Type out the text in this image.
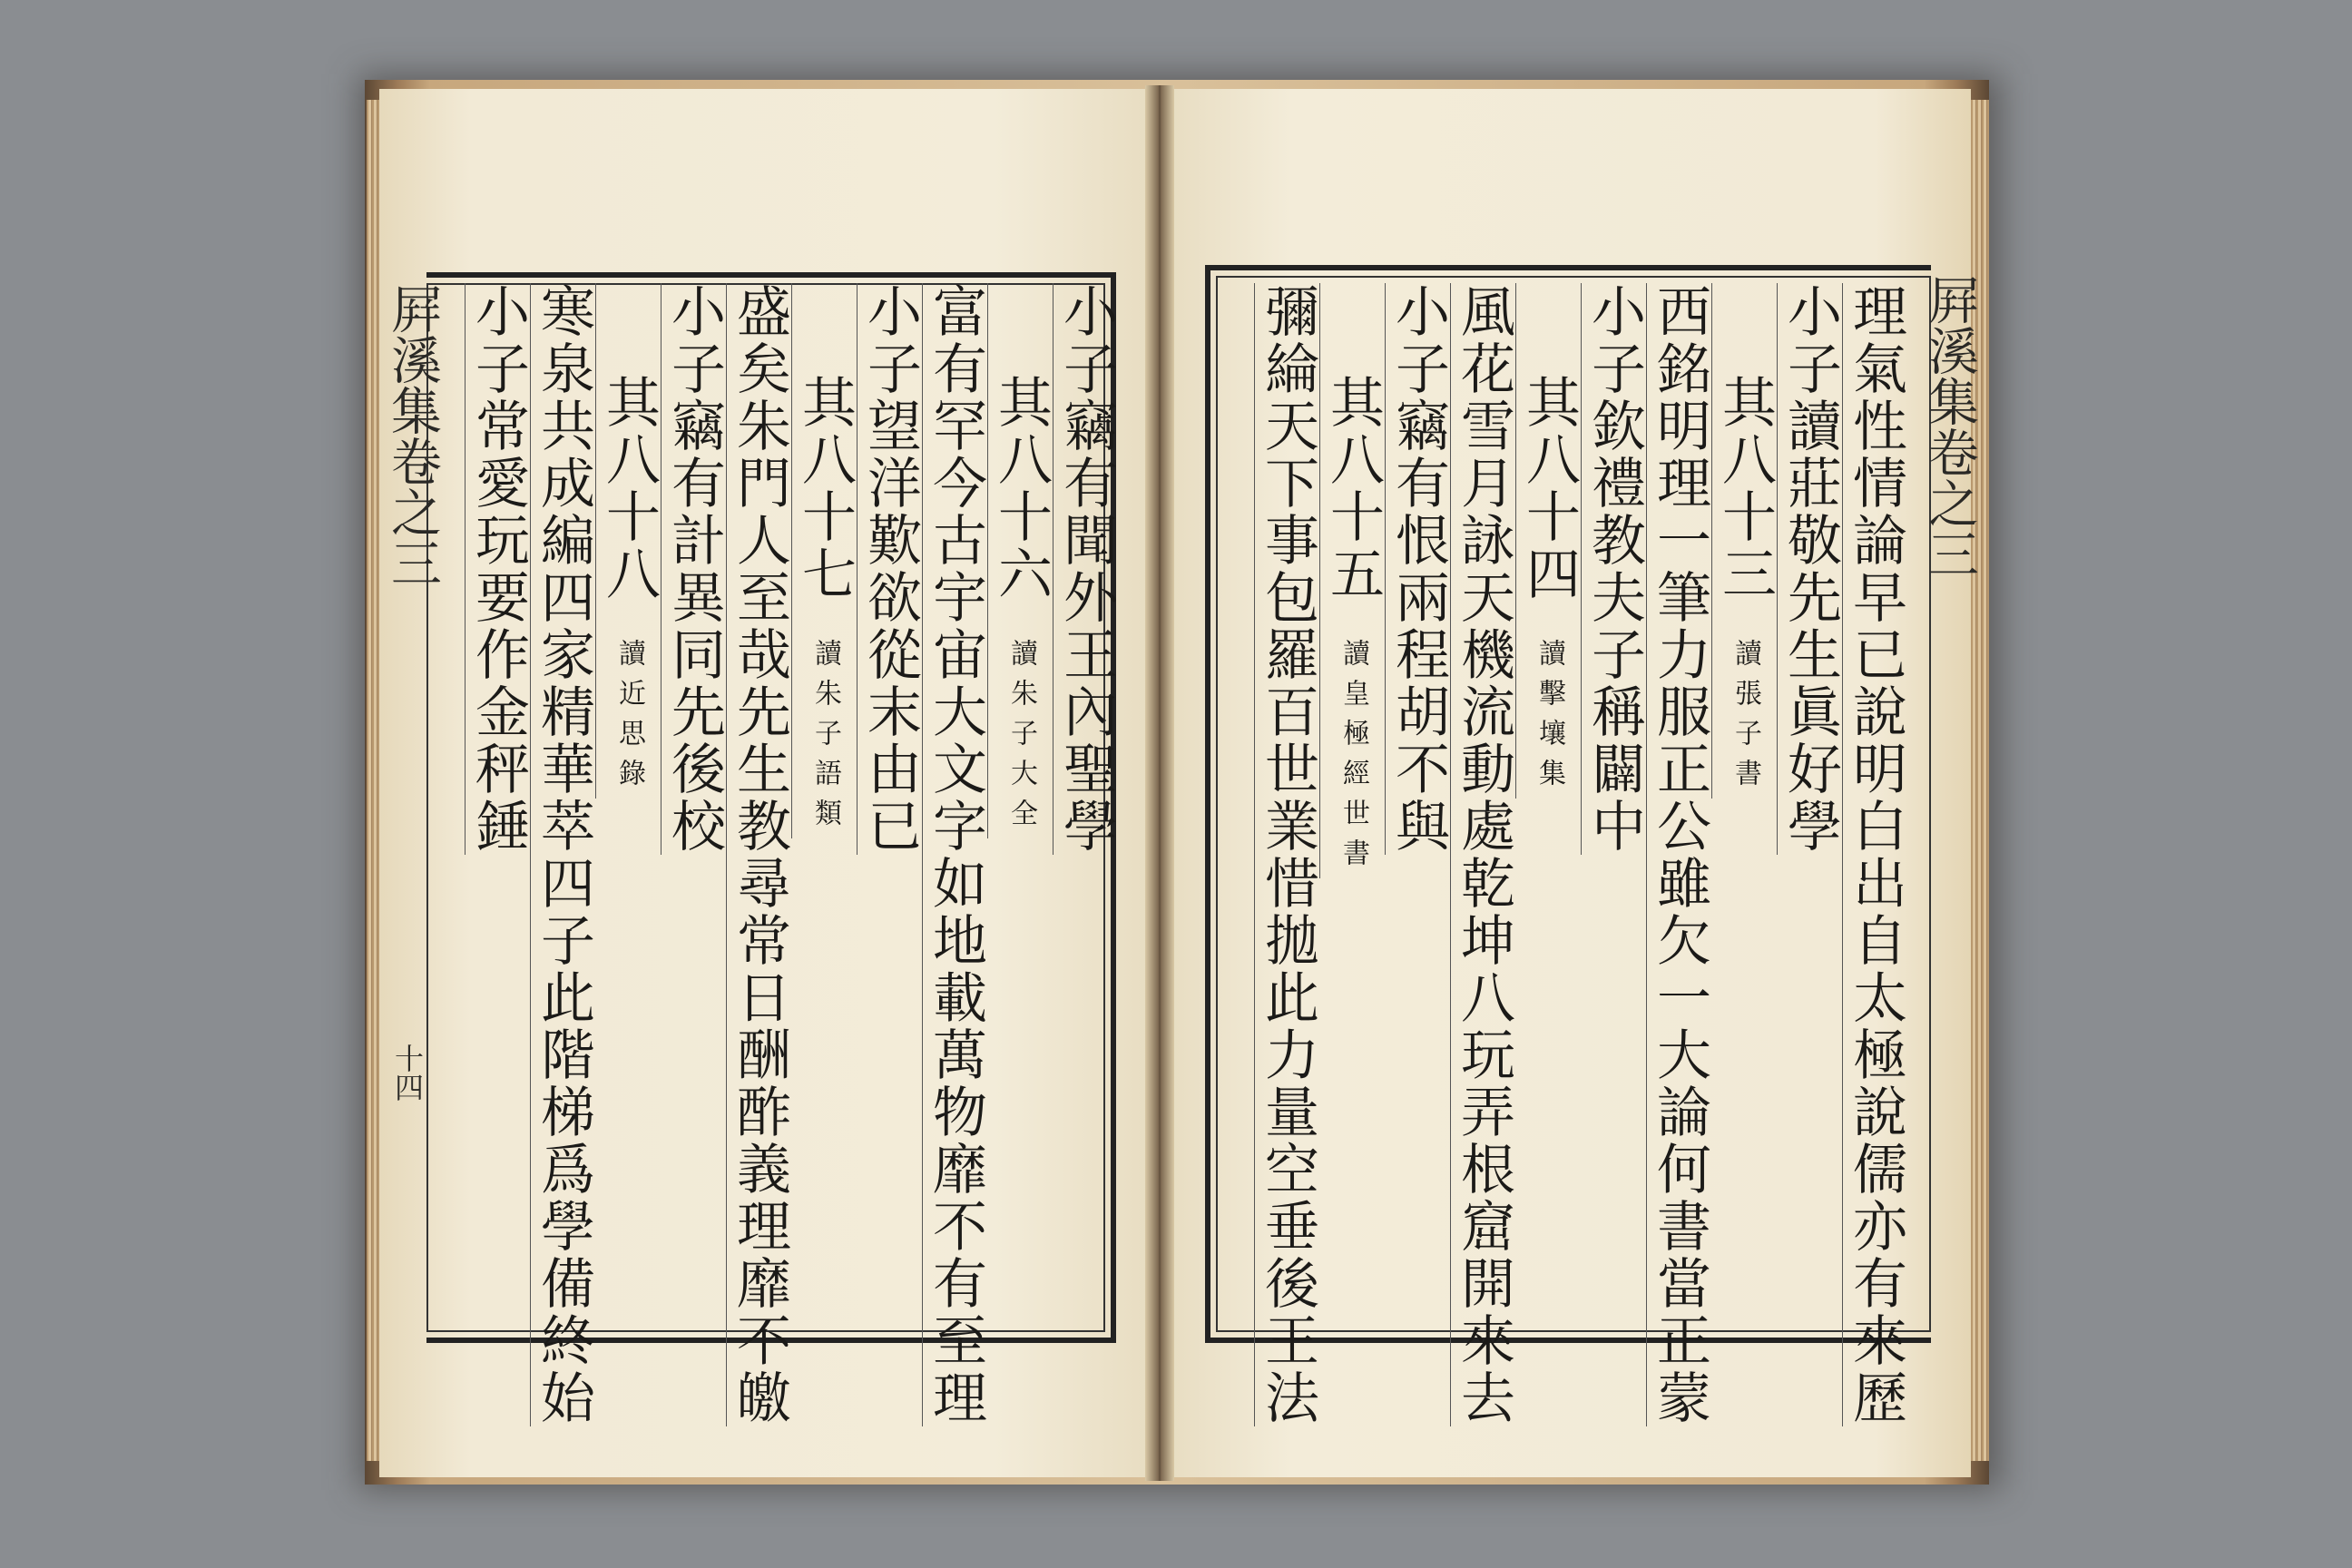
屛溪集卷之三
十四
屛溪集卷之三
小子竊有聞外王內聖學
其八十六讀朱子大全
富有罕今古宇宙大文字如地載萬物靡不有至理
小子望洋歎欲從末由已
其八十七讀朱子語類
盛矣朱門人至哉先生教尋常日酬酢義理靡不皦
小子竊有計異同先後校
其八十八讀近思錄
寒泉共成編四家精華萃四子此階梯爲學備終始
小子常愛玩要作金秤錘	理氣性情論早已說明白出自太極說儒亦有來歷
小子讀莊敬先生眞好學
其八十三讀張子書
西銘明理一筆力服正公雖欠一大論何書當正蒙
小子欽禮教夫子稱闢中
其八十四讀擊壤集
風花雪月詠天機流動處乾坤八玩弄根窟開來去
小子竊有恨兩程胡不與
其八十五讀皇極經世書
彌綸天下事包羅百世業惜拋此力量空垂後王法
